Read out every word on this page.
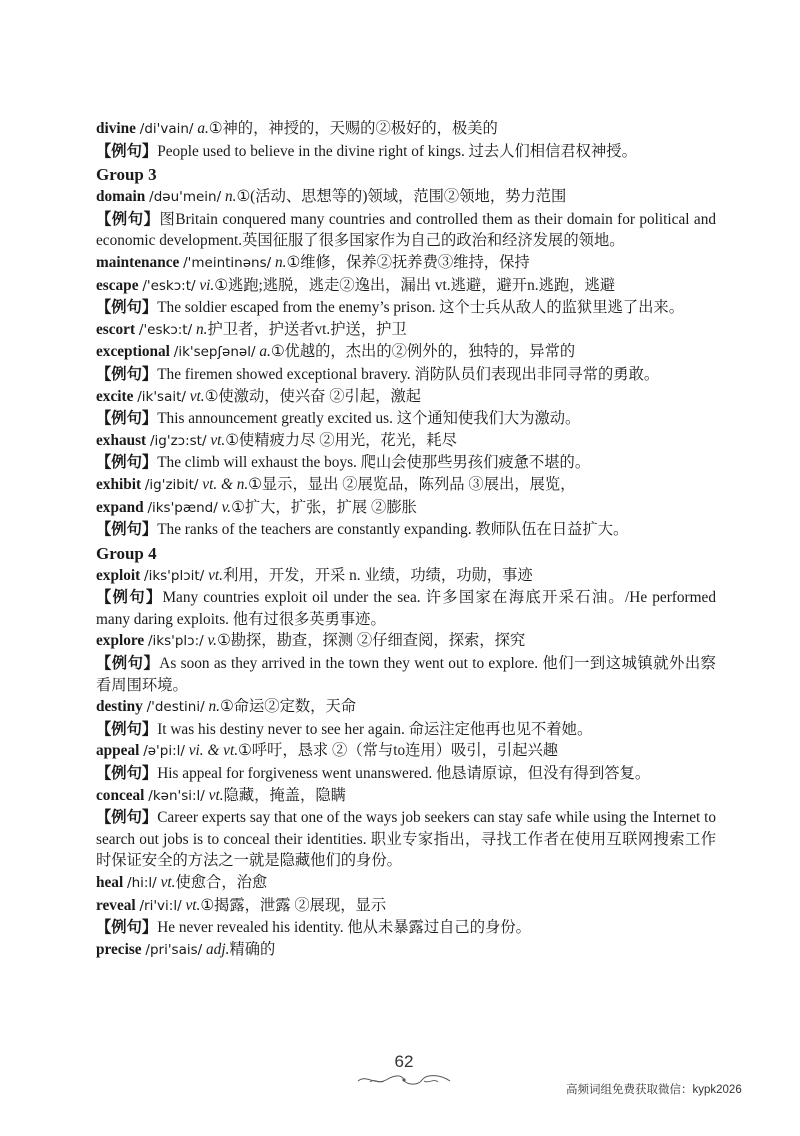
divine /di'vain/ a.①神的，神授的，天赐的②极好的，极美的
【例句】People used to believe in the divine right of kings. 过去人们相信君权神授。
Group 3
domain /dəu'mein/ n.①(活动、思想等的)领域，范围②领地，势力范围
【例句】图Britain conquered many countries and controlled them as their domain for political and economic development.英国征服了很多国家作为自己的政治和经济发展的领地。
maintenance /'meintinəns/ n.①维修，保养②抚养费③维持，保持
escape /'eskɔ:t/ vi.①逃跑;逃脱，逃走②逸出，漏出 vt.逃避，避开n.逃跑，逃避
【例句】The soldier escaped from the enemy’s prison. 这个士兵从敌人的监狱里逃了出来。
escort /'eskɔ:t/ n.护卫者，护送者vt.护送，护卫
exceptional /ik'sepʃənəl/ a.①优越的，杰出的②例外的，独特的，异常的
【例句】The firemen showed exceptional bravery. 消防队员们表现出非同寻常的勇敢。
excite /ik'sait/ vt.①使激动，使兴奋 ②引起，激起
【例句】This announcement greatly excited us. 这个通知使我们大为激动。
exhaust /ig'zɔ:st/ vt.①使精疲力尽 ②用光，花光，耗尽
【例句】The climb will exhaust the boys. 爬山会使那些男孩们疲惫不堪的。
exhibit /ig'zibit/ vt. & n.①显示，显出 ②展览品，陈列品 ③展出，展览，
expand /iks'pænd/ v.①扩大，扩张，扩展 ②膨胀
【例句】The ranks of the teachers are constantly expanding. 教师队伍在日益扩大。
Group 4
exploit /iks'plɔit/ vt.利用，开发，开采 n. 业绩，功绩，功勋，事迹
【例句】Many countries exploit oil under the sea. 许多国家在海底开采石油。/He performed many daring exploits. 他有过很多英勇事迹。
explore /iks'plɔ:/ v.①勘探，勘查，探测 ②仔细查阅，探索，探究
【例句】As soon as they arrived in the town they went out to explore. 他们一到这城镇就外出察看周围环境。
destiny /'destini/ n.①命运②定数，天命
【例句】It was his destiny never to see her again. 命运注定他再也见不着她。
appeal /ə'pi:l/ vi. & vt.①呼吁，恳求 ②（常与to连用）吸引，引起兴趣
【例句】His appeal for forgiveness went unanswered. 他恳请原谅，但没有得到答复。
conceal /kən'si:l/ vt.隐藏，掩盖，隐瞒
【例句】Career experts say that one of the ways job seekers can stay safe while using the Internet to search out jobs is to conceal their identities. 职业专家指出，寻找工作者在使用互联网搜索工作时保证安全的方法之一就是隐藏他们的身份。
heal /hi:l/ vt.使愈合，治愈
reveal /ri'vi:l/ vt.①揭露，泄露 ②展现，显示
【例句】He never revealed his identity. 他从未暴露过自己的身份。
precise /pri'sais/ adj.精确的
62
高频词组免费获取微信：kypk2026
